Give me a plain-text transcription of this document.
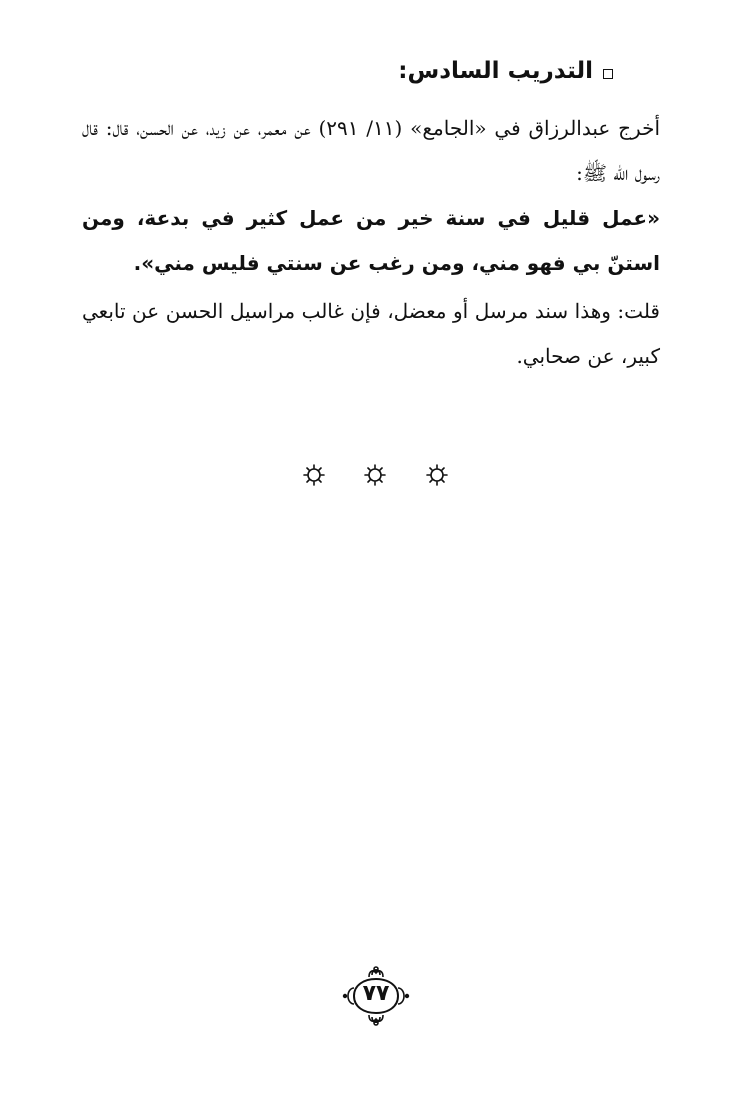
التدريب السادس:

أخرج عبدالرزاق في «الجامع» (١١/ ٢٩١) عن معمر، عن زيد، عن الحسن، قال: قال رسول الله ﷺ:

«عمل قليل في سنة خير من عمل كثير في بدعة، ومن استنّ بي فهو مني، ومن رغب عن سنتي فليس مني».

قلت: وهذا سند مرسل أو معضل، فإن غالب مراسيل الحسن عن تابعي كبير، عن صحابي.

٧٧
